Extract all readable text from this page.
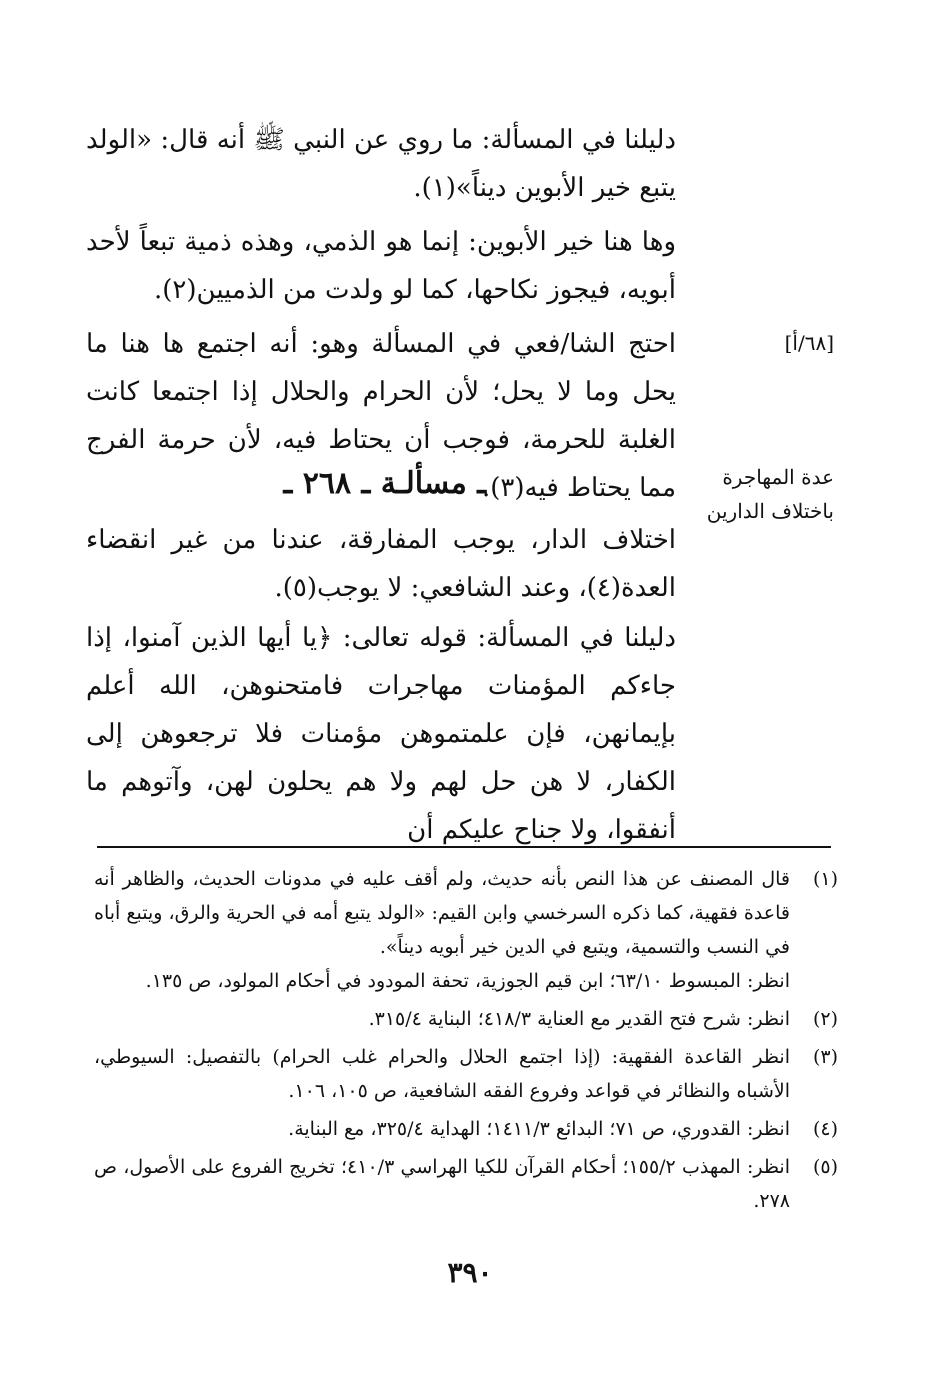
دليلنا في المسألة: ما روي عن النبي ﷺ أنه قال: «الولد يتبع خير الأبوين ديناً»(١).

وها هنا خير الأبوين: إنما هو الذمي، وهذه ذمية تبعاً لأحد أبويه، فيجوز نكاحها، كما لو ولدت من الذميين(٢).

[٦٨/أ]

احتج الشا/فعي في المسألة وهو: أنه اجتمع ها هنا ما يحل وما لا يحل؛ لأن الحرام والحلال إذا اجتمعا كانت الغلبة للحرمة، فوجب أن يحتاط فيه، لأن حرمة الفرج مما يحتاط فيه(٣).	عدة المهاجرة
باختلاف الدارين
ـ مسألـة ـ ٢٦٨ ـ

اختلاف الدار، يوجب المفارقة، عندنا من غير انقضاء العدة(٤)، وعند الشافعي: لا يوجب(٥).

دليلنا في المسألة: قوله تعالى: ﴿يا أيها الذين آمنوا، إذا جاءكم المؤمنات مهاجرات فامتحنوهن، الله أعلم بإيمانهن، فإن علمتموهن مؤمنات فلا ترجعوهن إلى الكفار، لا هن حل لهم ولا هم يحلون لهن، وآتوهم ما أنفقوا، ولا جناح عليكم أن

(١)
قال المصنف عن هذا النص بأنه حديث، ولم أقف عليه في مدونات الحديث، والظاهر أنه قاعدة فقهية، كما ذكره السرخسي وابن القيم: «الولد يتبع أمه في الحرية والرق، ويتبع أباه في النسب والتسمية، ويتبع في الدين خير أبويه ديناً».
انظر: المبسوط ٦٣/١٠؛ ابن قيم الجوزية، تحفة المودود في أحكام المولود، ص ١٣٥.
(٢)
انظر: شرح فتح القدير مع العناية ٤١٨/٣؛ البناية ٣١٥/٤.
(٣)
انظر القاعدة الفقهية: (إذا اجتمع الحلال والحرام غلب الحرام) بالتفصيل: السيوطي، الأشباه والنظائر في قواعد وفروع الفقه الشافعية، ص ١٠٥، ١٠٦.
(٤)
انظر: القدوري، ص ٧١؛ البدائع ١٤١١/٣؛ الهداية ٣٢٥/٤، مع البناية.
(٥)
انظر: المهذب ١٥٥/٢؛ أحكام القرآن للكيا الهراسي ٤١٠/٣؛ تخريج الفروع على الأصول، ص ٢٧٨.
٣٩٠
